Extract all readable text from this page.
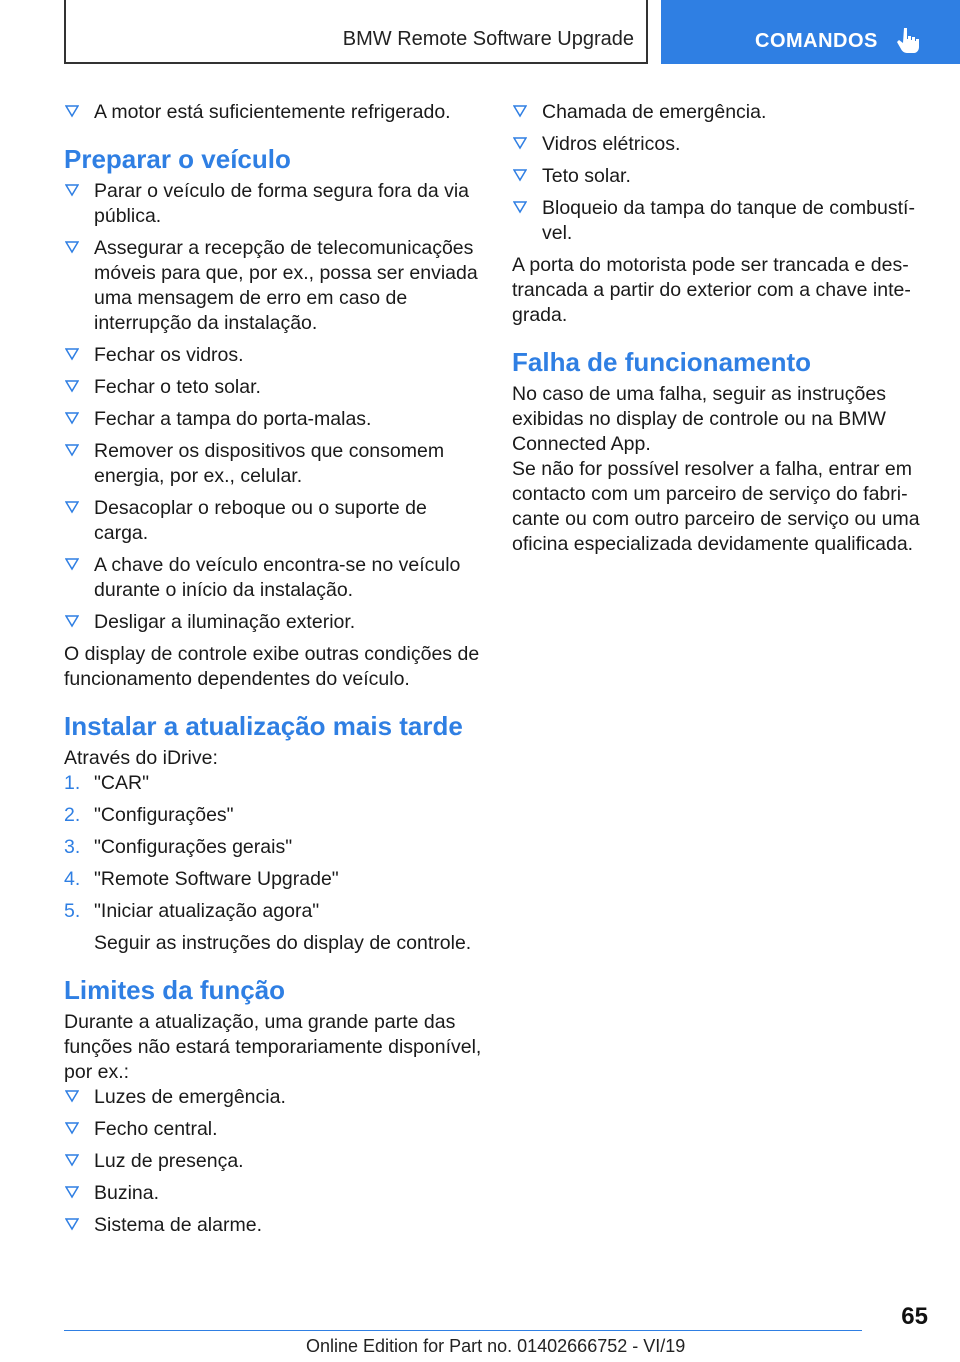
BMW Remote Software Upgrade	COMANDOS

A motor está suficientemente refrigerado.

Preparar o veículo

Parar o veículo de forma segura fora da via pública.

Assegurar a recepção de telecomunicações móveis para que, por ex., possa ser enviada uma mensagem de erro em caso de interrupção da instalação.

Fechar os vidros.

Fechar o teto solar.

Fechar a tampa do porta-malas.

Remover os dispositivos que consomem energia, por ex., celular.

Desacoplar o reboque ou o suporte de carga.

A chave do veículo encontra-se no veículo durante o início da instalação.

Desligar a iluminação exterior.

O display de controle exibe outras condições de funcionamento dependentes do veículo.

Instalar a atualização mais tarde

Através do iDrive:

1. "CAR"

2. "Configurações"

3. "Configurações gerais"

4. "Remote Software Upgrade"

5. "Iniciar atualização agora"

Seguir as instruções do display de controle.

Limites da função

Durante a atualização, uma grande parte das funções não estará temporariamente disponível, por ex.:

Luzes de emergência.

Fecho central.

Luz de presença.

Buzina.

Sistema de alarme.

Chamada de emergência.

Vidros elétricos.

Teto solar.

Bloqueio da tampa do tanque de combustível.

A porta do motorista pode ser trancada e destrancada a partir do exterior com a chave integrada.

Falha de funcionamento

No caso de uma falha, seguir as instruções exibidas no display de controle ou na BMW Connected App.

Se não for possível resolver a falha, entrar em contacto com um parceiro de serviço do fabricante ou com outro parceiro de serviço ou uma oficina especializada devidamente qualificada.

65
Online Edition for Part no. 01402666752 - VI/19
